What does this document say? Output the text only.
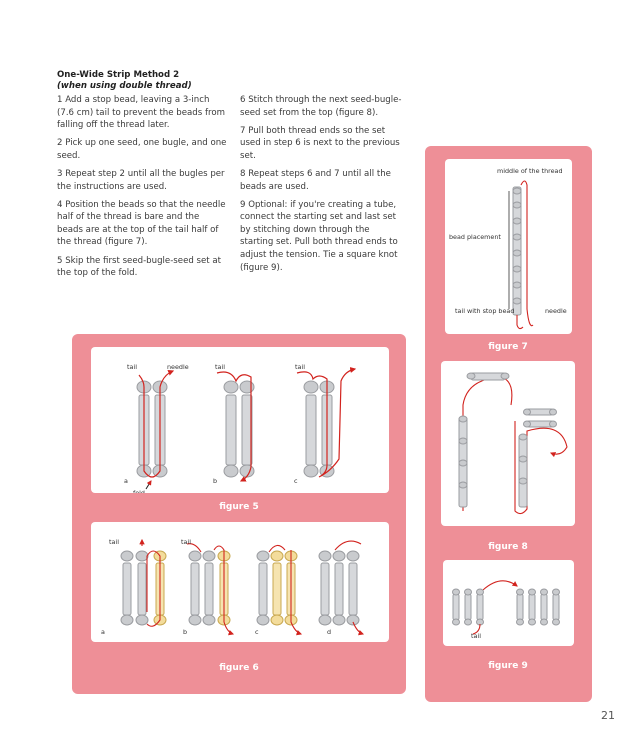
One-Wide Strip Method 2
(when using double thread)

1 Add a stop bead, leaving a 3-inch (7.6 cm) tail to prevent the beads from falling off the thread later.

2 Pick up one seed, one bugle, and one seed.

3 Repeat step 2 until all the bugles per the instructions are used.

4 Position the beads so that the needle half of the thread is bare and the beads are at the top of the tail half of the thread (figure 7).

5 Skip the first seed-bugle-seed set at the top of the fold.

6 Stitch through the next seed-bugle-seed set from the top (figure 8).

7 Pull both thread ends so the set used in step 6 is next to the previous set.

8 Repeat steps 6 and 7 until all the beads are used.

9 Optional: if you're creating a tube, connect the starting set and last set by stitching down through the starting set. Pull both thread ends to adjust the tension. Tie a square knot (figure 9).

tail	needle
a
fold
tail
b
tail
c
figure 5
tail
a
tail
b	c	d
figure 6
middle of the thread
bead placement
tail with stop bead	needle
figure 7
figure 8
tail
figure 9
21
